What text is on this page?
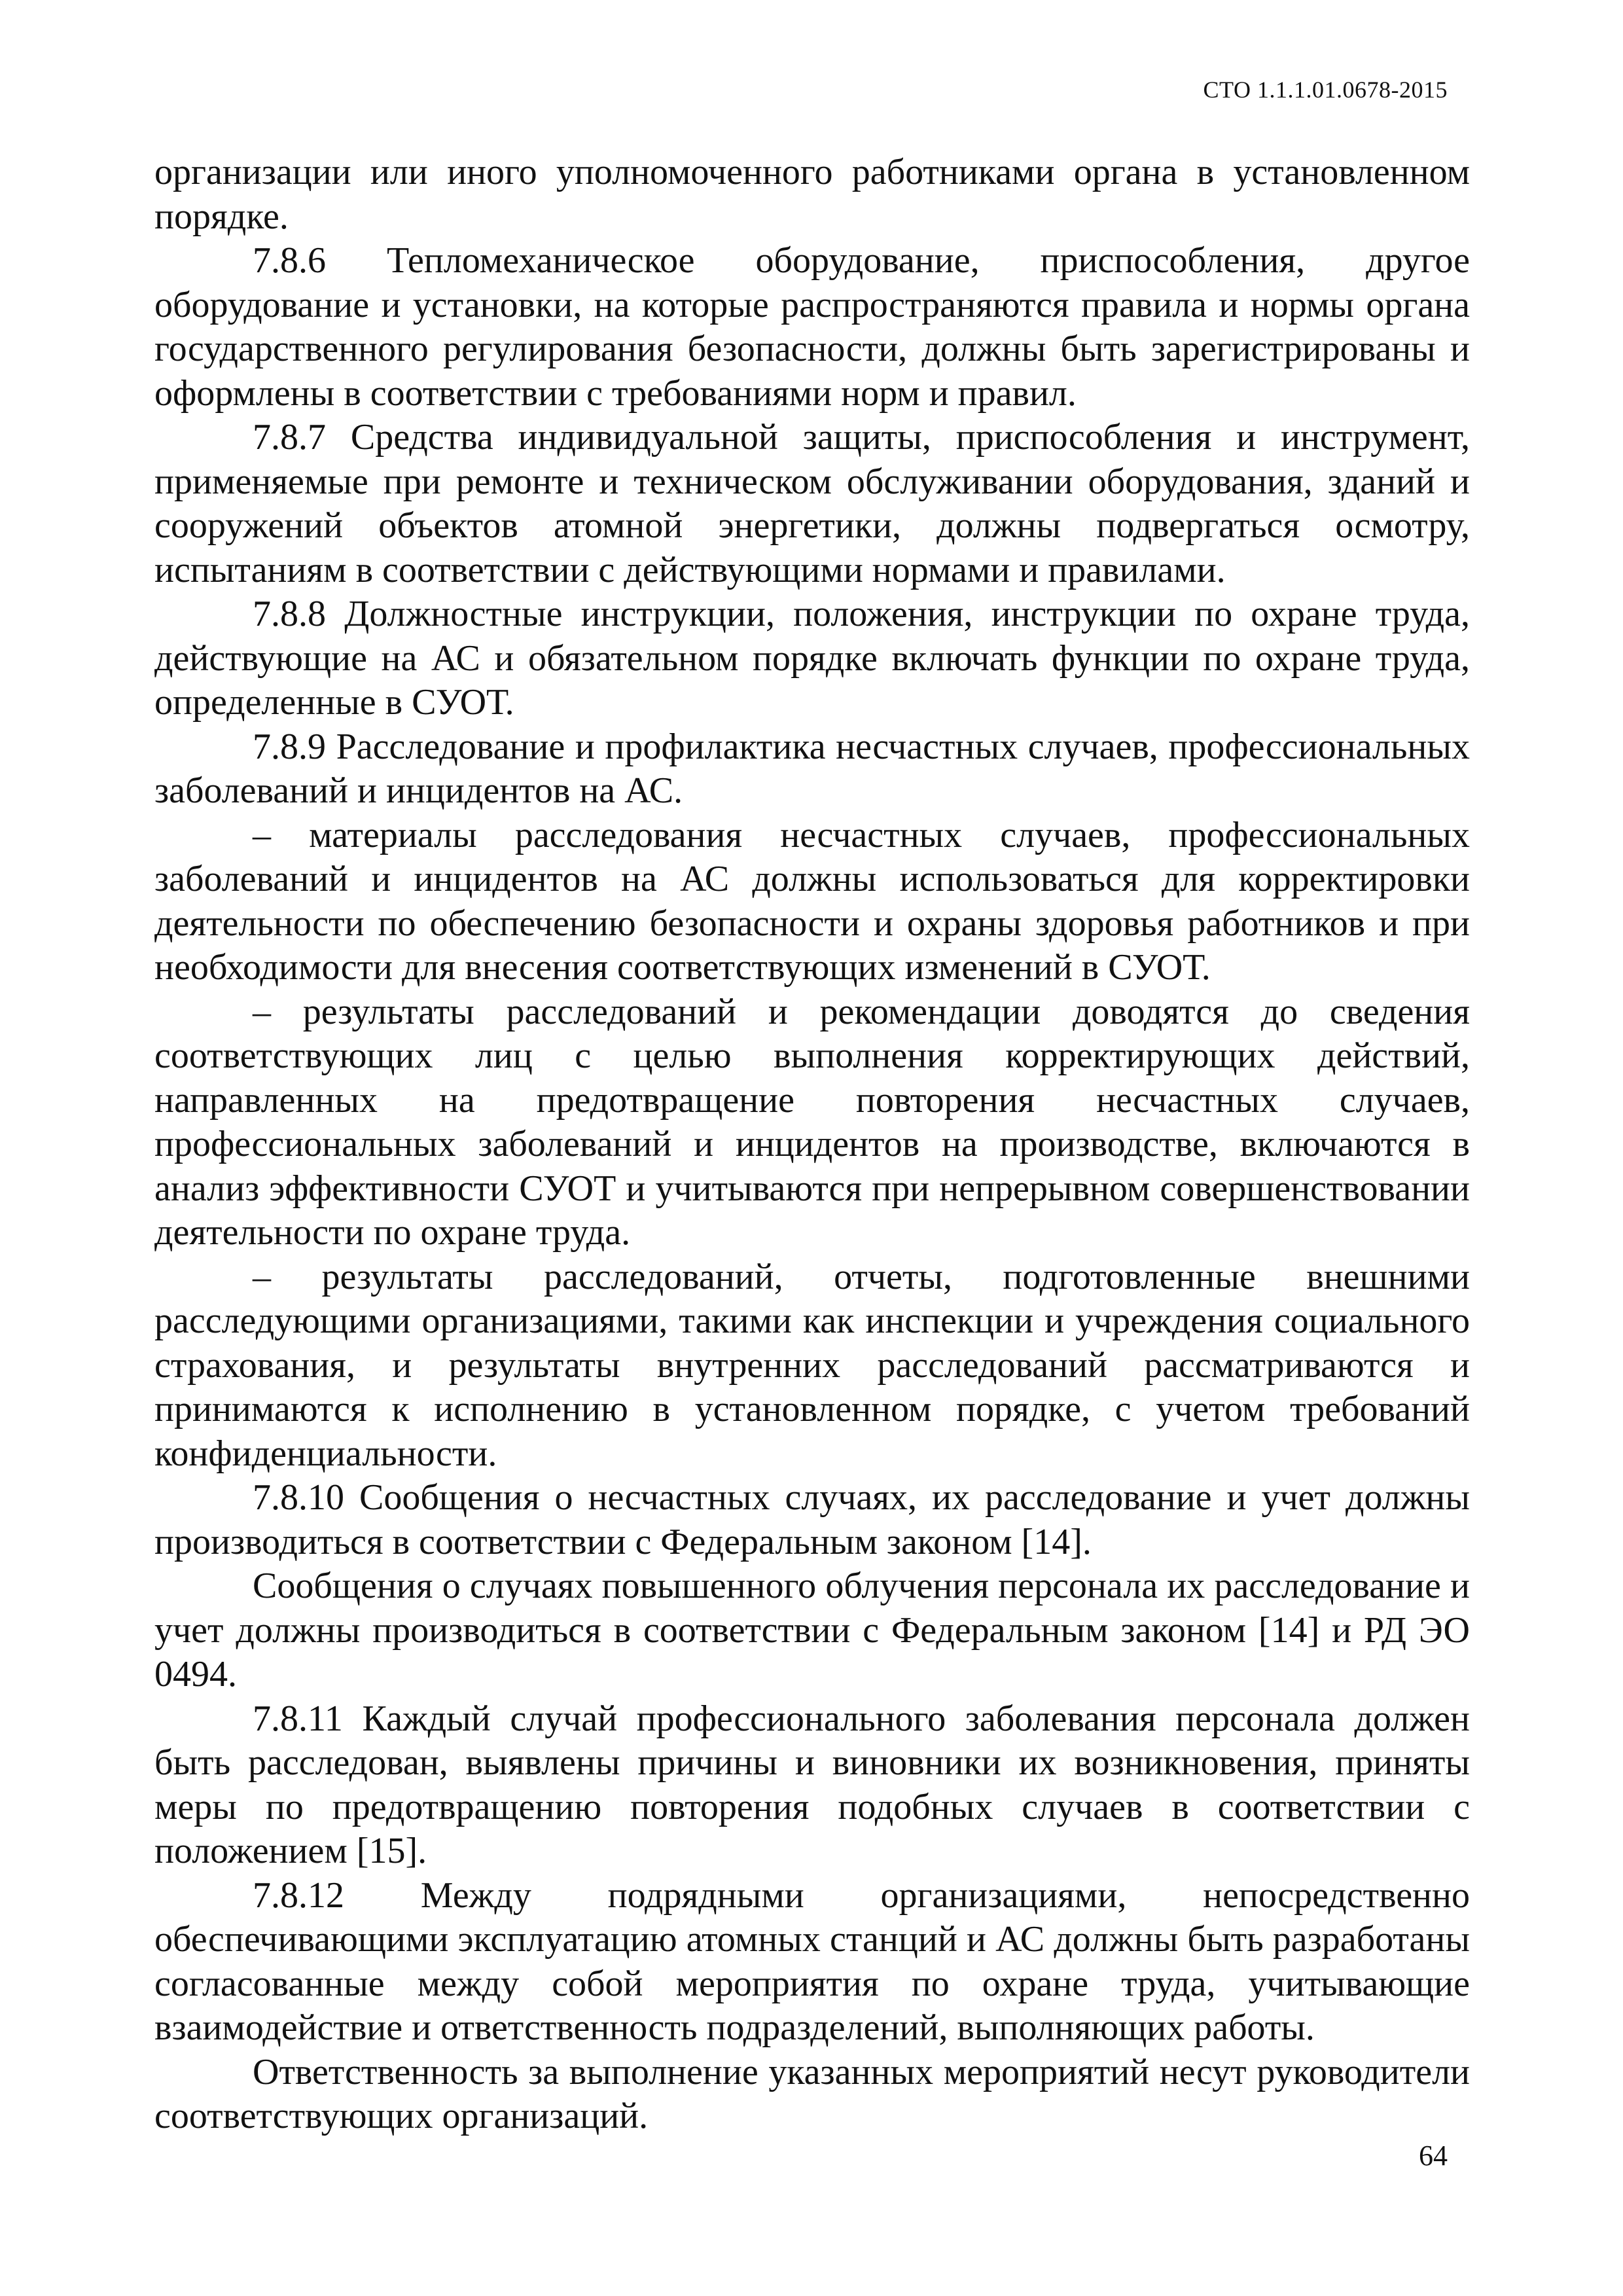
СТО 1.1.1.01.0678-2015

организации или иного уполномоченного работниками органа в установленном порядке.

7.8.6 Тепломеханическое оборудование, приспособления, другое оборудование и установки, на которые распространяются правила и нормы органа государственного регулирования безопасности, должны быть зарегистрированы и оформлены в соответствии с требованиями норм и правил.

7.8.7 Средства индивидуальной защиты, приспособления и инструмент, применяемые при ремонте и техническом обслуживании оборудования, зданий и сооружений объектов атомной энергетики, должны подвергаться осмотру, испытаниям в соответствии с действующими нормами и правилами.

7.8.8 Должностные инструкции, положения, инструкции по охране труда, действующие на АС и обязательном порядке включать функции по охране труда, определенные в СУОТ.

7.8.9 Расследование и профилактика несчастных случаев, профессиональных заболеваний и инцидентов на АС.

– материалы расследования несчастных случаев, профессиональных заболеваний и инцидентов на АС должны использоваться для корректировки деятельности по обеспечению безопасности и охраны здоровья работников и при необходимости для внесения соответствующих изменений в СУОТ.

– результаты расследований и рекомендации доводятся до сведения соответствующих лиц с целью выполнения корректирующих действий, направленных на предотвращение повторения несчастных случаев, профессиональных заболеваний и инцидентов на производстве, включаются в анализ эффективности СУОТ и учитываются при непрерывном совершенствовании деятельности по охране труда.

– результаты расследований, отчеты, подготовленные внешними расследующими организациями, такими как инспекции и учреждения социального страхования, и результаты внутренних расследований рассматриваются и принимаются к исполнению в установленном порядке, с учетом требований конфиденциальности.

7.8.10 Сообщения о несчастных случаях, их расследование и учет должны производиться в соответствии с Федеральным законом [14].

Сообщения о случаях повышенного облучения персонала их расследование и учет должны производиться в соответствии с Федеральным законом [14] и РД ЭО 0494.

7.8.11 Каждый случай профессионального заболевания персонала должен быть расследован, выявлены причины и виновники их возникновения, приняты меры по предотвращению повторения подобных случаев в соответствии с положением [15].

7.8.12 Между подрядными организациями, непосредственно обеспечивающими эксплуатацию атомных станций и АС должны быть разработаны согласованные между собой мероприятия по охране труда, учитывающие взаимодействие и ответственность подразделений, выполняющих работы.

Ответственность за выполнение указанных мероприятий несут руководители соответствующих организаций.

64
